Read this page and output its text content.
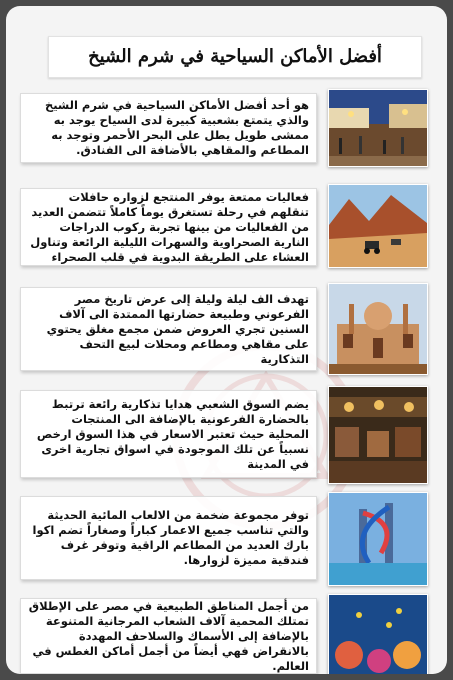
أفضل الأماكن السياحية في شرم الشيخ
هو أحد أفضل الأماكن السياحية في شرم الشيخ والذي يتمتع بشعبية كبيرة لدى السياح يوجد به ممشى طويل يطل على البحر الأحمر وتوجد به المطاعم والمقاهي بالأضافة الى الفنادق.
فعاليات ممتعة يوفر المنتجع لزواره حافلات تنقلهم في رحلة تستغرق يوماً كاملاً تتضمن العديد من الفعاليات من بينها تجربة ركوب الدراجات النارية الصحراوية والسهرات الليلية الرائعة وتناول العشاء على الطريقة البدوية في قلب الصحراء
تهدف الف ليلة وليلة إلى عرض تاريخ مصر الفرعوني وطبيعة حضارتها الممتدة الى آلاف السنين تجري العروض ضمن مجمع مغلق يحتوي على مقاهي ومطاعم ومحلات لبيع التحف التذكارية
يضم السوق الشعبي هدايا تذكارية رائعة ترتبط بالحضارة الفرعونية بالإضافة الى المنتجات المحلية حيث تعتبر الاسعار في هذا السوق ارخص نسبياً عن تلك الموجودة في اسواق تجارية اخرى في المدينة
توفر مجموعة ضخمة من الالعاب المائية الحديثة والتي تناسب جميع الاعمار كباراً وصغاراً تضم اكوا بارك العديد من المطاعم الراقية وتوفر غرف فندقية مميزة لزوارها.
من أجمل المناطق الطبيعية في مصر على الإطلاق تمتلك المحمية آلاف الشعاب المرجانية المتنوعة بالإضافة إلى الأسماك والسلاحف المهددة بالانقراض فهي أيضاً من أجمل أماكن الغطس في العالم.
